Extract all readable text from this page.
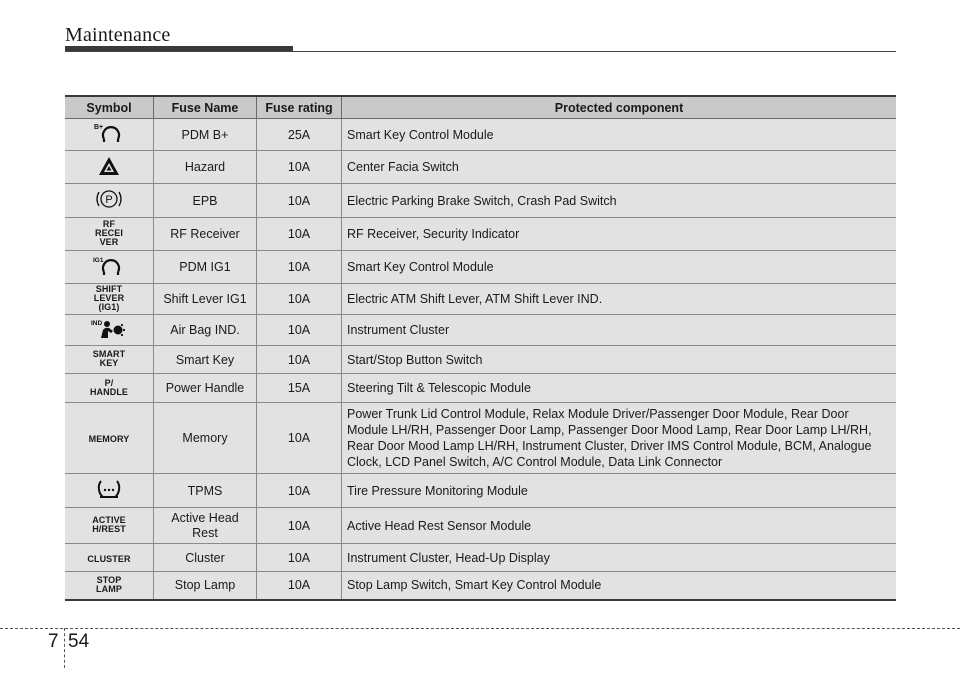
Maintenance
Symbol	Fuse Name	Fuse rating	Protected component

B+	PDM B+	25A	Smart Key Control Module
	Hazard	10A	Center Facia Switch

P	EPB	10A	Electric Parking Brake Switch, Crash Pad Switch
RF
RECEI
VER	RF Receiver	10A	RF Receiver, Security Indicator

IG1	PDM IG1	10A	Smart Key Control Module
SHIFT
LEVER
(IG1)	Shift Lever IG1	10A	Electric ATM Shift Lever, ATM Shift Lever IND.

IND	Air Bag IND.	10A	Instrument Cluster
SMART
KEY	Smart Key	10A	Start/Stop Button Switch
P/
HANDLE	Power Handle	15A	Steering Tilt & Telescopic Module
MEMORY	Memory	10A	Power Trunk Lid Control Module, Relax Module Driver/Passenger Door Module, Rear Door Module LH/RH, Passenger Door Lamp, Passenger Door Mood Lamp, Rear Door Lamp LH/RH, Rear Door Mood Lamp LH/RH, Instrument Cluster, Driver IMS Control Module, BCM, Analogue Clock, LCD Panel Switch, A/C Control Module, Data Link Connector
	TPMS	10A	Tire Pressure Monitoring Module
ACTIVE
H/REST	Active Head Rest	10A	Active Head Rest Sensor Module
CLUSTER	Cluster	10A	Instrument Cluster, Head-Up Display
STOP
LAMP	Stop Lamp	10A	Stop Lamp Switch, Smart Key Control Module
7 54
